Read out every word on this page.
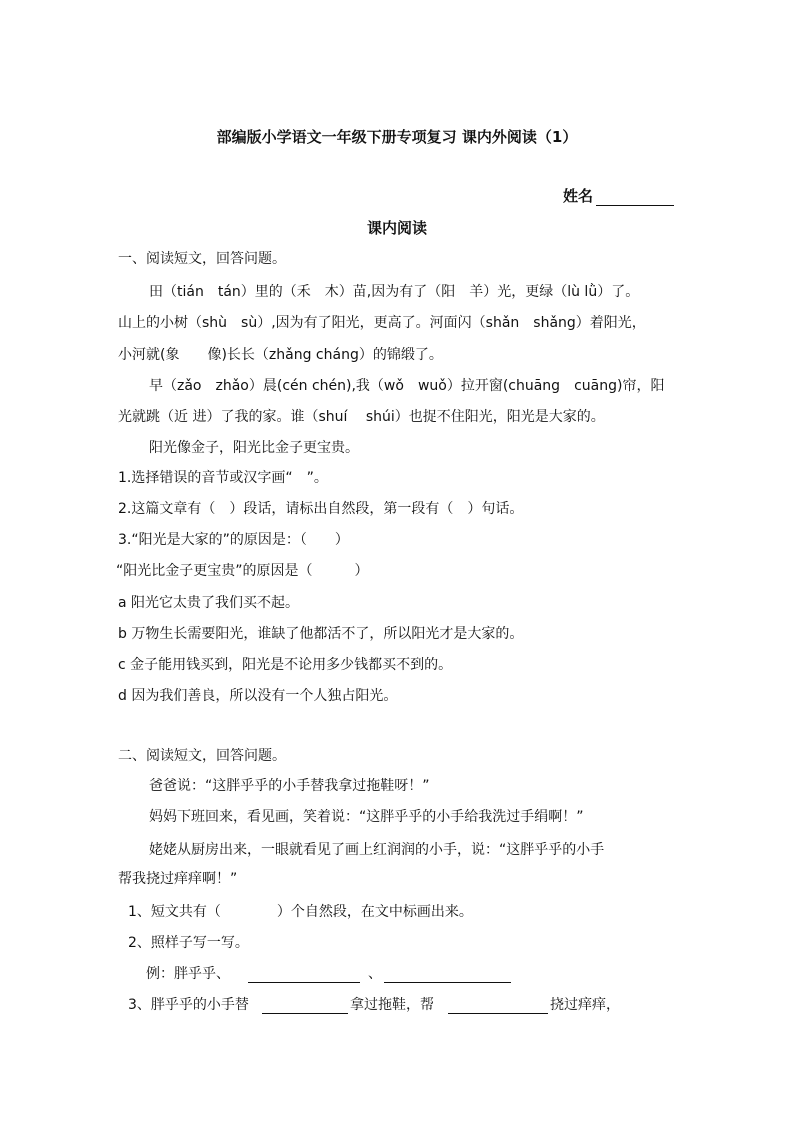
部编版小学语文一年级下册专项复习 课内外阅读（1）
姓名
课内阅读
一、阅读短文，回答问题。
田（tián　tán）里的（禾　木）苗,因为有了（阳　羊）光，更绿（lù lǜ）了。
山上的小树（shù　sù）,因为有了阳光，更高了。河面闪（shǎn　shǎng）着阳光，
小河就(象　　像)长长（zhǎng cháng）的锦缎了。
早（zǎo　zhǎo）晨(cén chén),我（wǒ　wuǒ）拉开窗(chuāng　cuāng)帘，阳
光就跳（近 进）了我的家。谁（shuí　 shúi）也捉不住阳光，阳光是大家的。
阳光像金子，阳光比金子更宝贵。
1.选择错误的音节或汉字画“　”。
2.这篇文章有（　）段话，请标出自然段，第一段有（　）句话。
3.“阳光是大家的”的原因是：（　　）
“阳光比金子更宝贵”的原因是（　　　）
a 阳光它太贵了我们买不起。
b 万物生长需要阳光，谁缺了他都活不了，所以阳光才是大家的。
c 金子能用钱买到，阳光是不论用多少钱都买不到的。
d 因为我们善良，所以没有一个人独占阳光。
二、阅读短文，回答问题。
爸爸说：“这胖乎乎的小手替我拿过拖鞋呀！”
妈妈下班回来，看见画，笑着说：“这胖乎乎的小手给我洗过手绢啊！”
姥姥从厨房出来，一眼就看见了画上红润润的小手，说：“这胖乎乎的小手
帮我挠过痒痒啊！”
1、短文共有（　　　　）个自然段，在文中标画出来。
2、照样子写一写。
例：胖乎乎、	、
3、胖乎乎的小手替	拿过拖鞋，帮	挠过痒痒，
